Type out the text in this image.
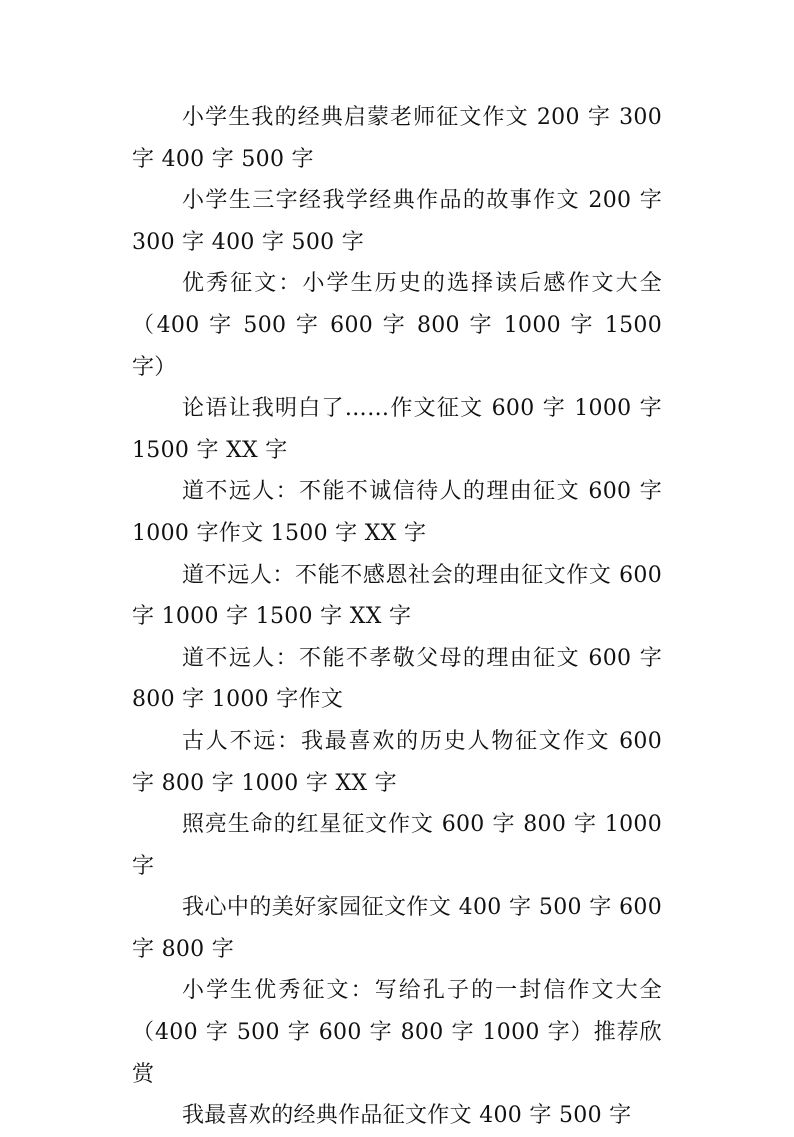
小学生我的经典启蒙老师征文作文 200 字 300 字 400 字 500 字

小学生三字经我学经典作品的故事作文 200 字 300 字 400 字 500 字

优秀征文：小学生历史的选择读后感作文大全（400 字 500 字 600 字 800 字 1000 字 1500 字）

论语让我明白了……作文征文 600 字 1000 字 1500 字 XX 字

道不远人：不能不诚信待人的理由征文 600 字 1000 字作文 1500 字 XX 字

道不远人：不能不感恩社会的理由征文作文 600 字 1000 字 1500 字 XX 字

道不远人：不能不孝敬父母的理由征文 600 字 800 字 1000 字作文

古人不远：我最喜欢的历史人物征文作文 600 字 800 字 1000 字 XX 字

照亮生命的红星征文作文 600 字 800 字 1000 字

我心中的美好家园征文作文 400 字 500 字 600 字 800 字

小学生优秀征文：写给孔子的一封信作文大全（400 字 500 字 600 字 800 字 1000 字）推荐欣赏

我最喜欢的经典作品征文作文 400 字 500 字
